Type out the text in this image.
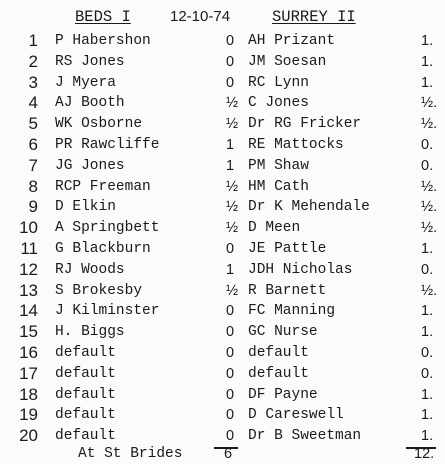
BEDS I	12-10-74	SURREY II
1 P Habershon	0 AH Prizant	1.
2 RS Jones	0 JM Soesan	1.
3 J Myera	0 RC Lynn	1.
4 AJ Booth	½ C Jones	½.
5 WK Osborne	½ Dr RG Fricker	½.
6 PR Rawcliffe	1 RE Mattocks	0.
7 JG Jones	1 PM Shaw	0.
8 RCP Freeman	½ HM Cath	½.
9 D Elkin	½ Dr K Mehendale	½.
10 A Springbett	½ D Meen	½.
11 G Blackburn	0 JE Pattle	1.
12 RJ Woods	1 JDH Nicholas	0.
13 S Brokesby	½ R Barnett	½.
14 J Kilminster	0 FC Manning	1.
15 H. Biggs	0 GC Nurse	1.
16 default	0 default	0.
17 default	0 default	0.
18 default	0 DF Payne	1.
19 default	0 D Careswell	1.
20 default	0 Dr B Sweetman	1.
At St Brides	6	12.
